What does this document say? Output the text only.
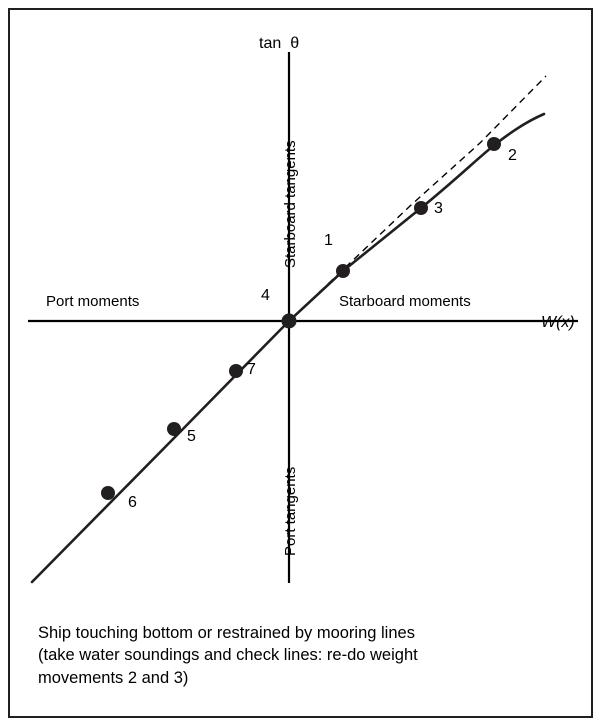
tan θ
W(x)
Starboard tangents
Port tangents
Port moments	Starboard moments
1
2
3
4
5
6
7
Ship touching bottom or restrained by mooring lines
(take water soundings and check lines: re-do weight
movements 2 and 3)
